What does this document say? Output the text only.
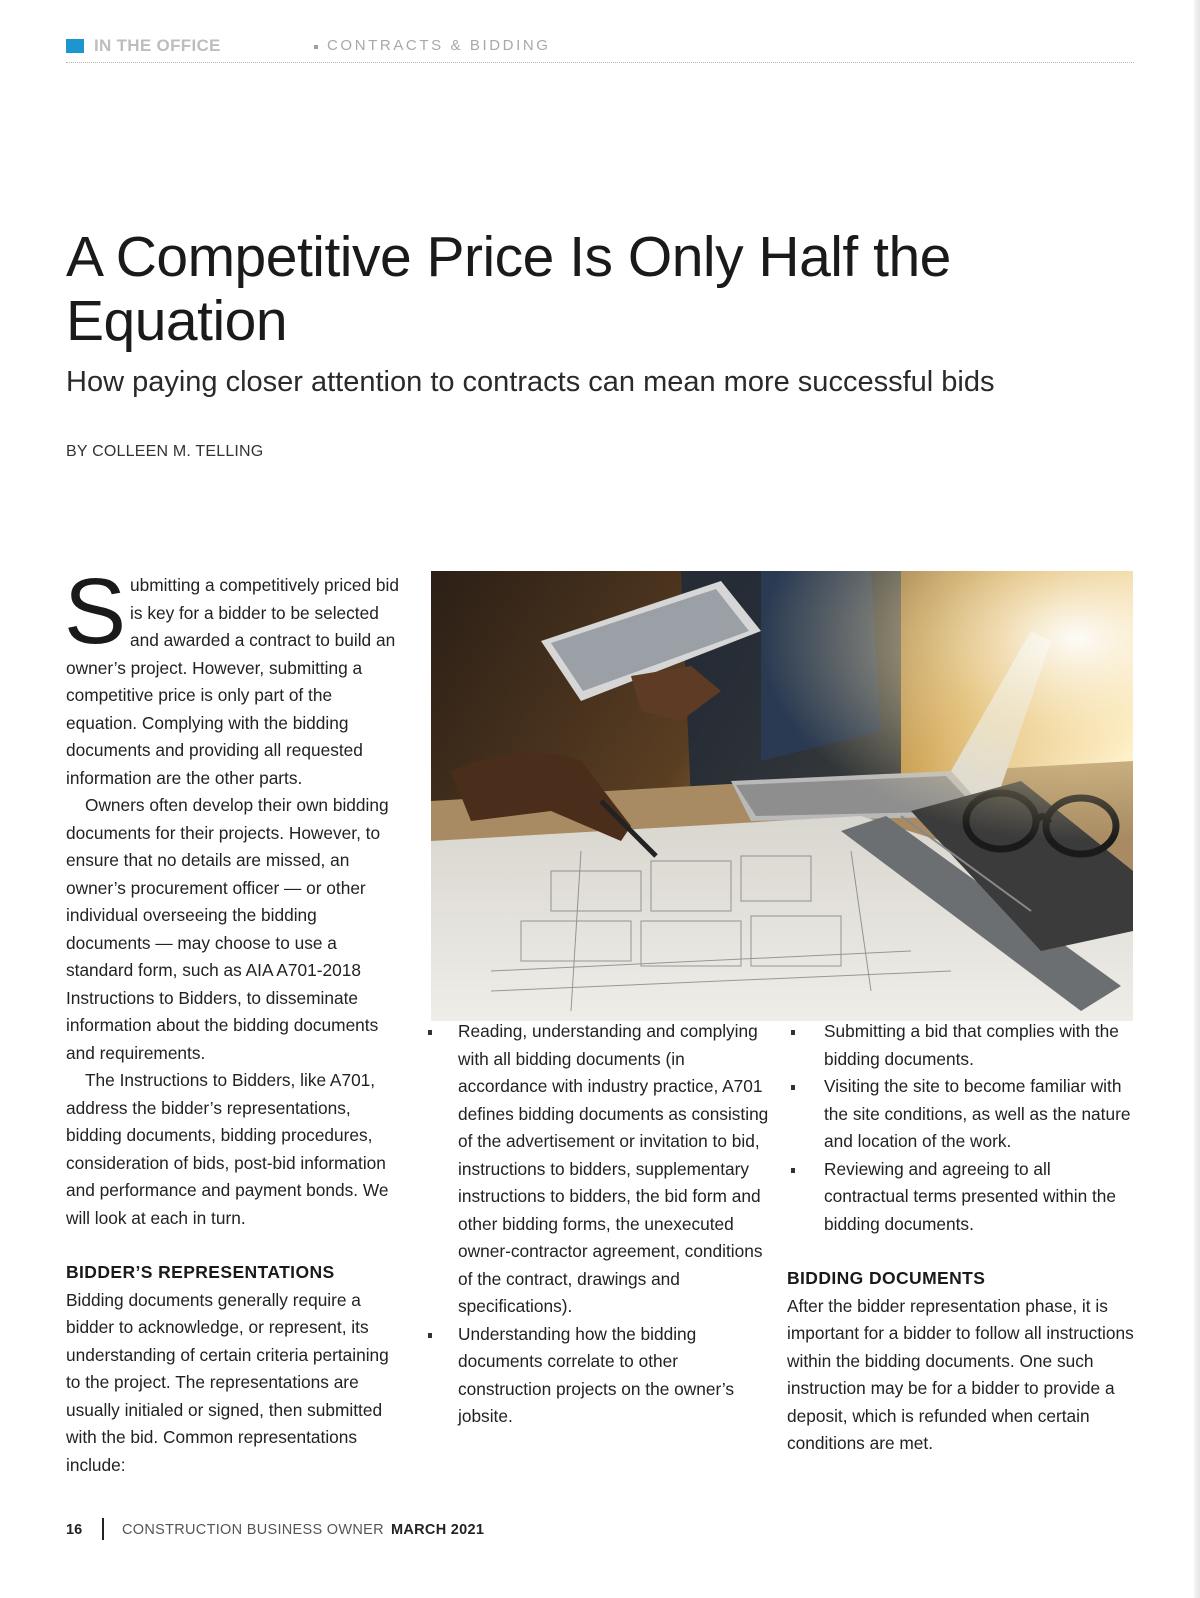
IN THE OFFICE	CONTRACTS & BIDDING
A Competitive Price Is Only Half the Equation
How paying closer attention to contracts can mean more successful bids
BY COLLEEN M. TELLING

Submitting a competitively priced bid is key for a bidder to be selected and awarded a contract to build an owner’s project. However, submitting a competitive price is only part of the equation. Complying with the bidding documents and providing all requested information are the other parts.

Owners often develop their own bidding documents for their projects. However, to ensure that no details are missed, an owner’s procurement officer — or other individual overseeing the bidding documents — may choose to use a standard form, such as AIA A701-2018 Instructions to Bidders, to disseminate information about the bidding documents and requirements.

The Instructions to Bidders, like A701, address the bidder’s representations, bidding documents, bidding procedures, consideration of bids, post-bid information and performance and payment bonds. We will look at each in turn.

BIDDER’S REPRESENTATIONS

Bidding documents generally require a bidder to acknowledge, or represent, its understanding of certain criteria pertaining to the project. The representations are usually initialed or signed, then submitted with the bid. Common representations include:

Reading, understanding and complying with all bidding documents (in accordance with industry practice, A701 defines bidding documents as consisting of the advertisement or invitation to bid, instructions to bidders, supplementary instructions to bidders, the bid form and other bidding forms, the unexecuted owner-contractor agreement, conditions of the contract, drawings and specifications).
Understanding how the bidding documents correlate to other construction projects on the owner’s jobsite.
Submitting a bid that complies with the bidding documents.
Visiting the site to become familiar with the site conditions, as well as the nature and location of the work.
Reviewing and agreeing to all contractual terms presented within the bidding documents.

BIDDING DOCUMENTS

After the bidder representation phase, it is important for a bidder to follow all instructions within the bidding documents. One such instruction may be for a bidder to provide a deposit, which is refunded when certain conditions are met.

16	CONSTRUCTION BUSINESS OWNER MARCH 2021
